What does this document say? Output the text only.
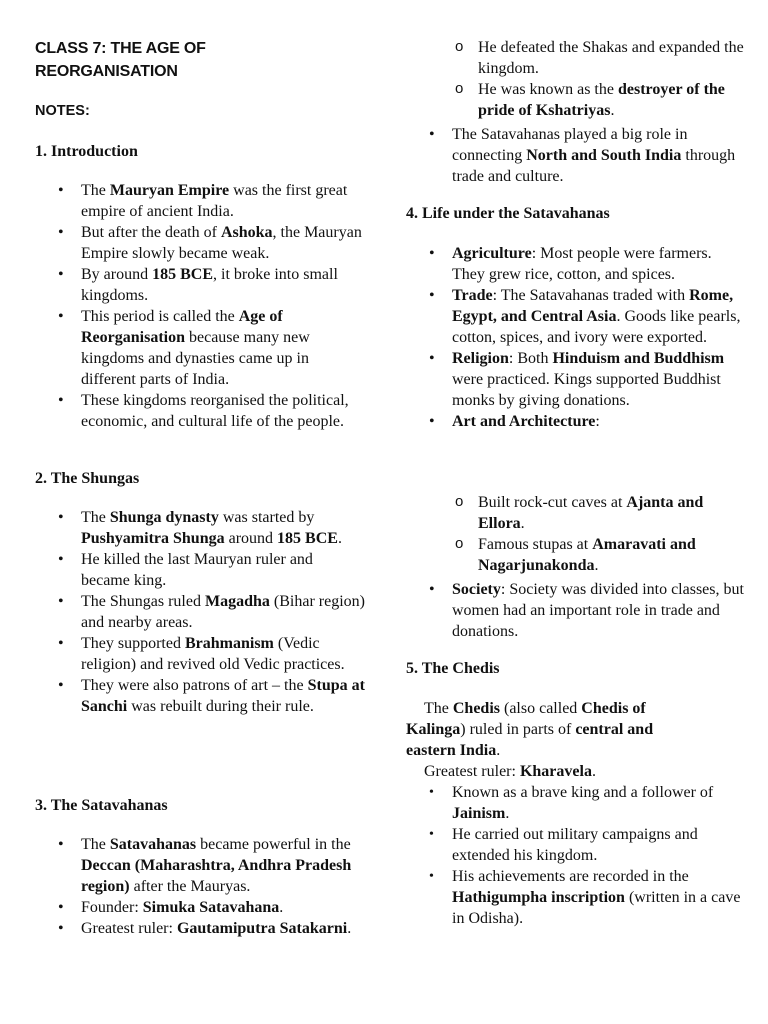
CLASS 7: THE AGE OF REORGANISATION

NOTES:

1. Introduction

• The Mauryan Empire was the first great empire of ancient India.
• But after the death of Ashoka, the Mauryan Empire slowly became weak.
• By around 185 BCE, it broke into small kingdoms.
• This period is called the Age of Reorganisation because many new kingdoms and dynasties came up in different parts of India.
• These kingdoms reorganised the political, economic, and cultural life of the people.

2. The Shungas

• The Shunga dynasty was started by Pushyamitra Shunga around 185 BCE.
• He killed the last Mauryan ruler and became king.
• The Shungas ruled Magadha (Bihar region) and nearby areas.
• They supported Brahmanism (Vedic religion) and revived old Vedic practices.
• They were also patrons of art – the Stupa at Sanchi was rebuilt during their rule.

3. The Satavahanas

• The Satavahanas became powerful in the Deccan (Maharashtra, Andhra Pradesh region) after the Mauryas.
• Founder: Simuka Satavahana.
• Greatest ruler: Gautamiputra Satakarni.
o He defeated the Shakas and expanded the kingdom.
o He was known as the destroyer of the pride of Kshatriyas.
• The Satavahanas played a big role in connecting North and South India through trade and culture.

4. Life under the Satavahanas

• Agriculture: Most people were farmers. They grew rice, cotton, and spices.
• Trade: The Satavahanas traded with Rome, Egypt, and Central Asia. Goods like pearls, cotton, spices, and ivory were exported.
• Religion: Both Hinduism and Buddhism were practiced. Kings supported Buddhist monks by giving donations.
• Art and Architecture:
o Built rock-cut caves at Ajanta and Ellora.
o Famous stupas at Amaravati and Nagarjunakonda.
• Society: Society was divided into classes, but women had an important role in trade and donations.

5. The Chedis

The Chedis (also called Chedis of Kalinga) ruled in parts of central and eastern India.

Greatest ruler: Kharavela.

• Known as a brave king and a follower of Jainism.
• He carried out military campaigns and extended his kingdom.
• His achievements are recorded in the Hathigumpha inscription (written in a cave in Odisha).
